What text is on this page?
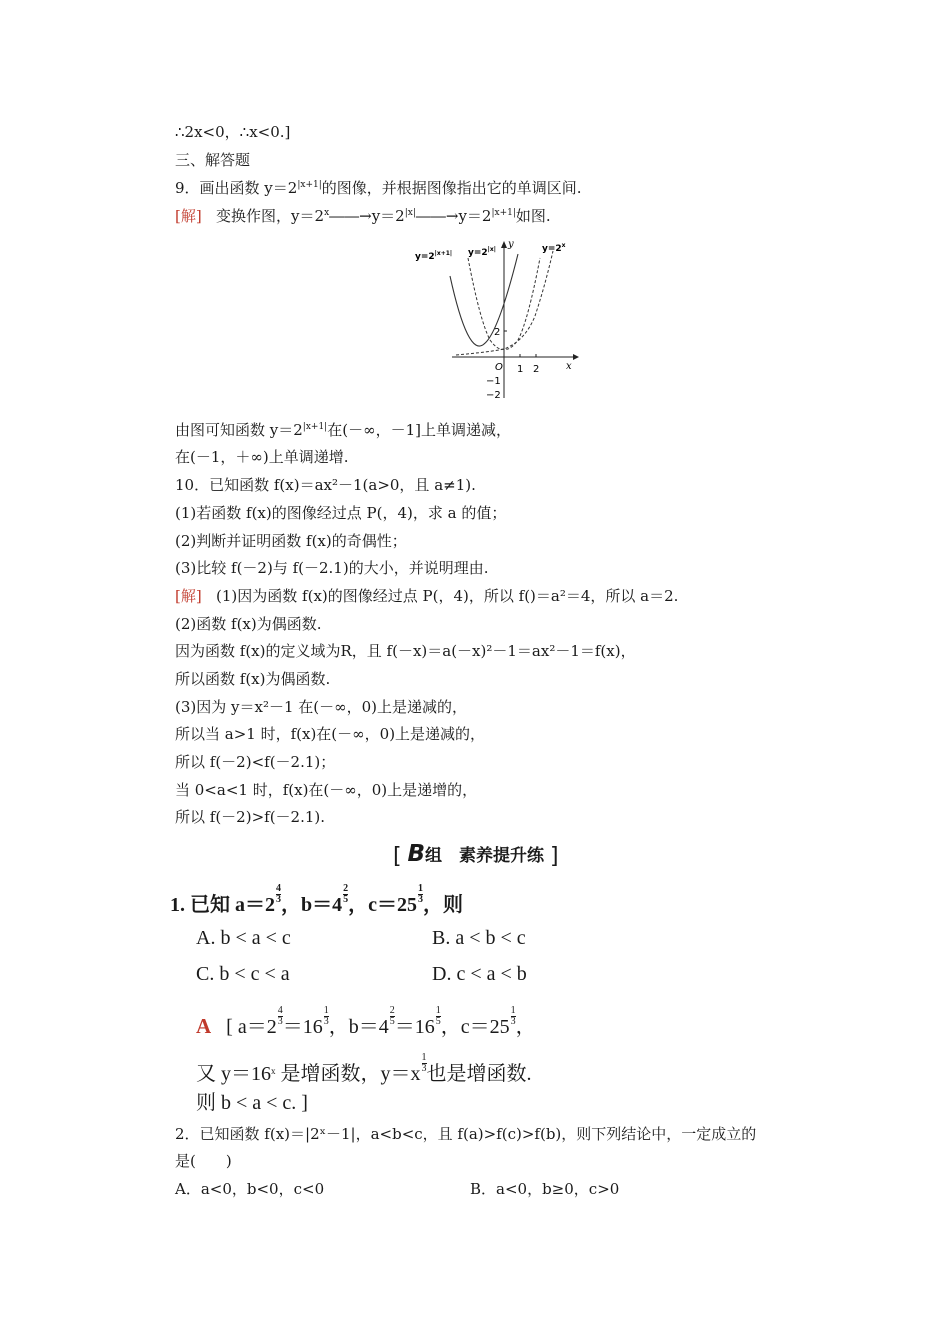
∴2x<0，∴x<0.]
三、解答题
9．画出函数 $y=2^{|x+1|}$的图像，并根据图像指出它的单调区间.
[解] 变换作图，$y=2^x――\to y=2^{|x|}――\to y=2^{|x+1|}$如图.
$y=2^{|x+1|}$ $y=2^{|x|}$	$y=2^x$
y
x
O 1 2
2
−1
−2
由图可知函数 $y=2^{|x+1|}$在(－∞，－1]上单调递减，
在(－1，＋∞)上单调递增.
10．已知函数 f(x)＝ax²－1(a>0，且 a≠1).
(1)若函数 f(x)的图像经过点 P(，4)，求 a 的值；
(2)判断并证明函数 f(x)的奇偶性；
(3)比较 f(－2)与 f(－2.1)的大小，并说明理由.
[解] (1)因为函数 f(x)的图像经过点 P(，4)，所以 f()＝a²＝4，所以 a＝2.
(2)函数 f(x)为偶函数.
因为函数 f(x)的定义域为R，且 f(－x)＝a(－x)²－1＝ax²－1＝f(x)，
所以函数 f(x)为偶函数.
(3)因为 y＝x²－1 在(－∞，0)上是递减的，
所以当 a>1 时，f(x)在(－∞，0)上是递减的，
所以 f(－2)<f(－2.1)；
当 0<a<1 时，f(x)在(－∞，0)上是递增的，
所以 f(－2)>f(－2.1).
[ B组　素养提升练 ]
1. 已知 $a=2 \frac{4}{3}$ ，$b=4 \frac{2}{5}$ ，$c=25 \frac{1}{3}$ ，则
A. b < a < c	B. a < b < c
C. b < c < a	D. c < a < b
A [ $a=2 \frac{4}{3} =16 \frac{1}{3}$ ，$b=4 \frac{2}{5} =16 \frac{1}{5}$ ，$c=25 \frac{1}{3}$ ，
又 $y=16^x$ 是增函数，$y=x \frac{1}{3}$ 也是增函数.
则 b < a < c. ]
2．已知函数 f(x)＝|2ˣ－1|，a<b<c，且 f(a)>f(c)>f(b)，则下列结论中，一定成立的
是(　　)
A．a<0，b<0，c<0	B．a<0，b≥0，c>0
